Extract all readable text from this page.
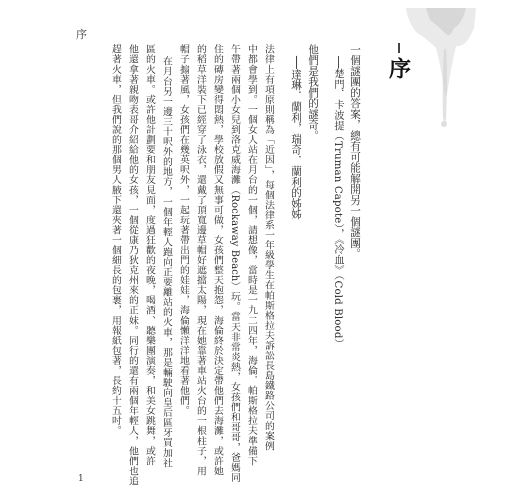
序
序
一個謎團的答案，總有可能解開另一個謎團。
──楚門．卡波提（Truman Capote），《冷血》（Cold Blood）
他們是我們的謎奇。
──達琳．蘭利，瑞奇．蘭利的姊姊
法律上有項原則稱為「近因」，每個法律系一年級學生在帕斯格拉夫訴訟長島鐵路公司的案例
中都會學到。一個女人站在月台的一個，請想像，當時是一九二四年，海倫．帕斯格拉夫準備下
午帶著兩個小女兒到洛克威海灘（Rockaway Beach）玩。當天非常炎熱，女孩們和哥哥，爸媽同
住的磚房變得悶熱，學校放假又無事可做，女孩們整天抱怨，海倫終於決定帶他們去海灘，或許她
的稻草洋裝下已經穿了泳衣，還戴了頂寬邊草帽好遮擋太陽，現在她靠著車站火台的一根柱子，用
帽子搧著風，女孩們在幾英呎外，一起玩著帶出門的娃娃，海倫懶洋洋地看著他們。
在月台另一邊三十呎外的地方，一個年輕人跑向正要離站的火車，那是輛駛向皇后區牙買加社
區的火車。或許他計劃要和朋友見面，度過狂歡的夜晚，喝酒、聽樂團演奏，和美女跳舞，或許
他還拿著親吻表哥介紹給他的女孩，一個從康乃狄克州來的正妹。同行的還有兩個年輕人，他們也追
趕著火車，但我們說的那個男人腋下還夾著一個細長的包裹，用報紙包著，長約十五吋。
1
